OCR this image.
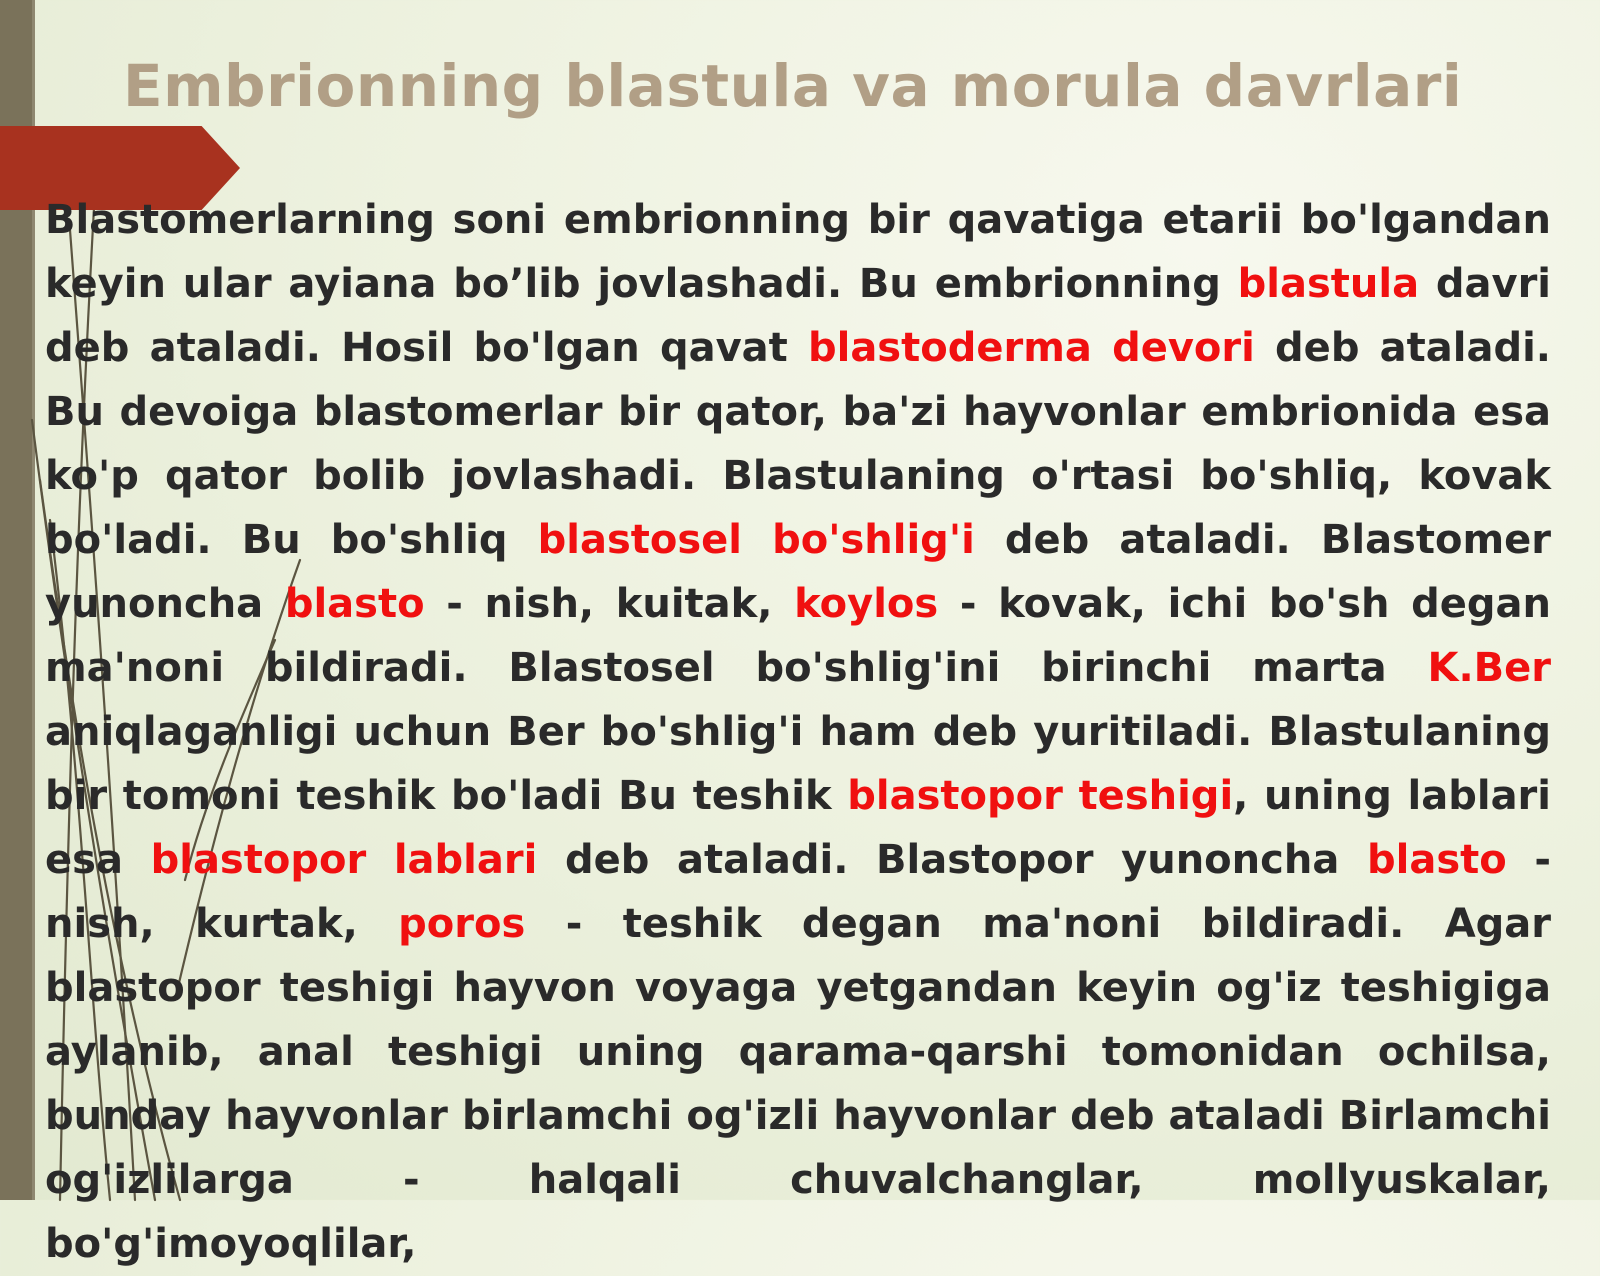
Embrionning blastula va morula davrlari

Blastomerlarning soni embrionning bir qavatiga etarii bo'lgandan keyin ular ayiana bo’lib jovlashadi. Bu embrionning blastula davri deb ataladi. Hosil bo'lgan qavat blastoderma devori deb ataladi. Bu devoiga blastomerlar bir qator, ba'zi hayvonlar embrionida esa ko'p qator bolib jovlashadi. Blastulaning o'rtasi bo'shliq, kovak bo'ladi. Bu bo'shliq blastosel bo'shlig'i deb ataladi. Blastomer yunoncha blasto - nish, kuitak, koylos - kovak, ichi bo'sh degan ma'noni bildiradi. Blastosel bo'shlig'ini birinchi marta K.Ber aniqlaganligi uchun Ber bo'shlig'i ham deb yuritiladi. Blastulaning bir tomoni teshik bo'ladi Bu teshik blastopor teshigi, uning lablari esa blastopor lablari deb ataladi. Blastopor yunoncha blasto - nish, kurtak, poros - teshik degan ma'noni bildiradi. Agar blastopor teshigi hayvon voyaga yetgandan keyin og'iz teshigiga aylanib, anal teshigi uning qarama-qarshi tomonidan ochilsa, bunday hayvonlar birlamchi og'izli hayvonlar deb ataladi Birlamchi og'izlilarga - halqali chuvalchanglar, mollyuskalar, bo'g'imoyoqlilar,
